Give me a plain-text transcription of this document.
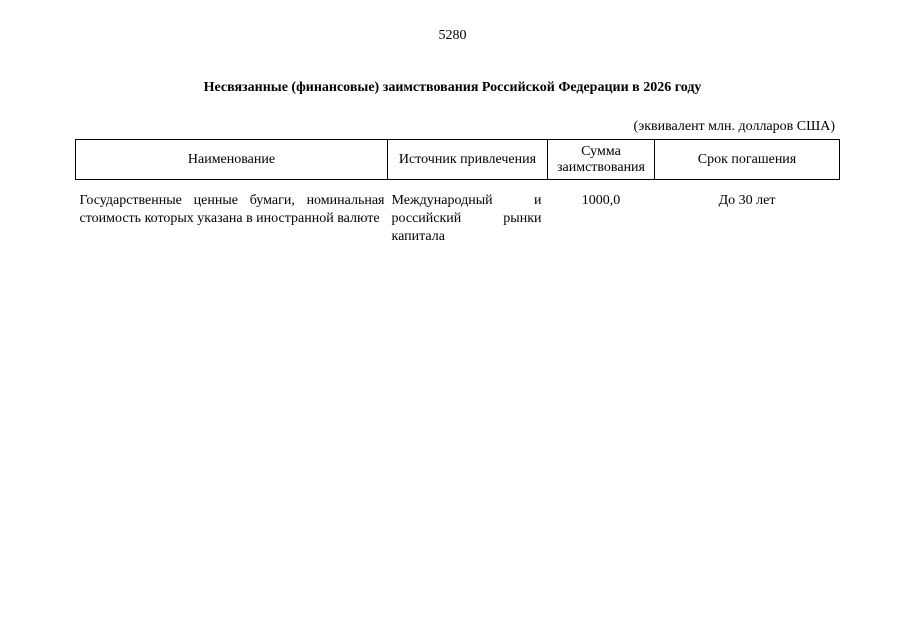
5280
Несвязанные (финансовые) заимствования Российской Федерации в 2026 году
(эквивалент млн. долларов США)
Наименование	Источник привлечения	Сумма заимствования	Срок погашения
Государственные ценные бумаги, номинальная стоимость которых указана в иностранной валюте	Международный и российский рынки капитала	1000,0	До 30 лет
